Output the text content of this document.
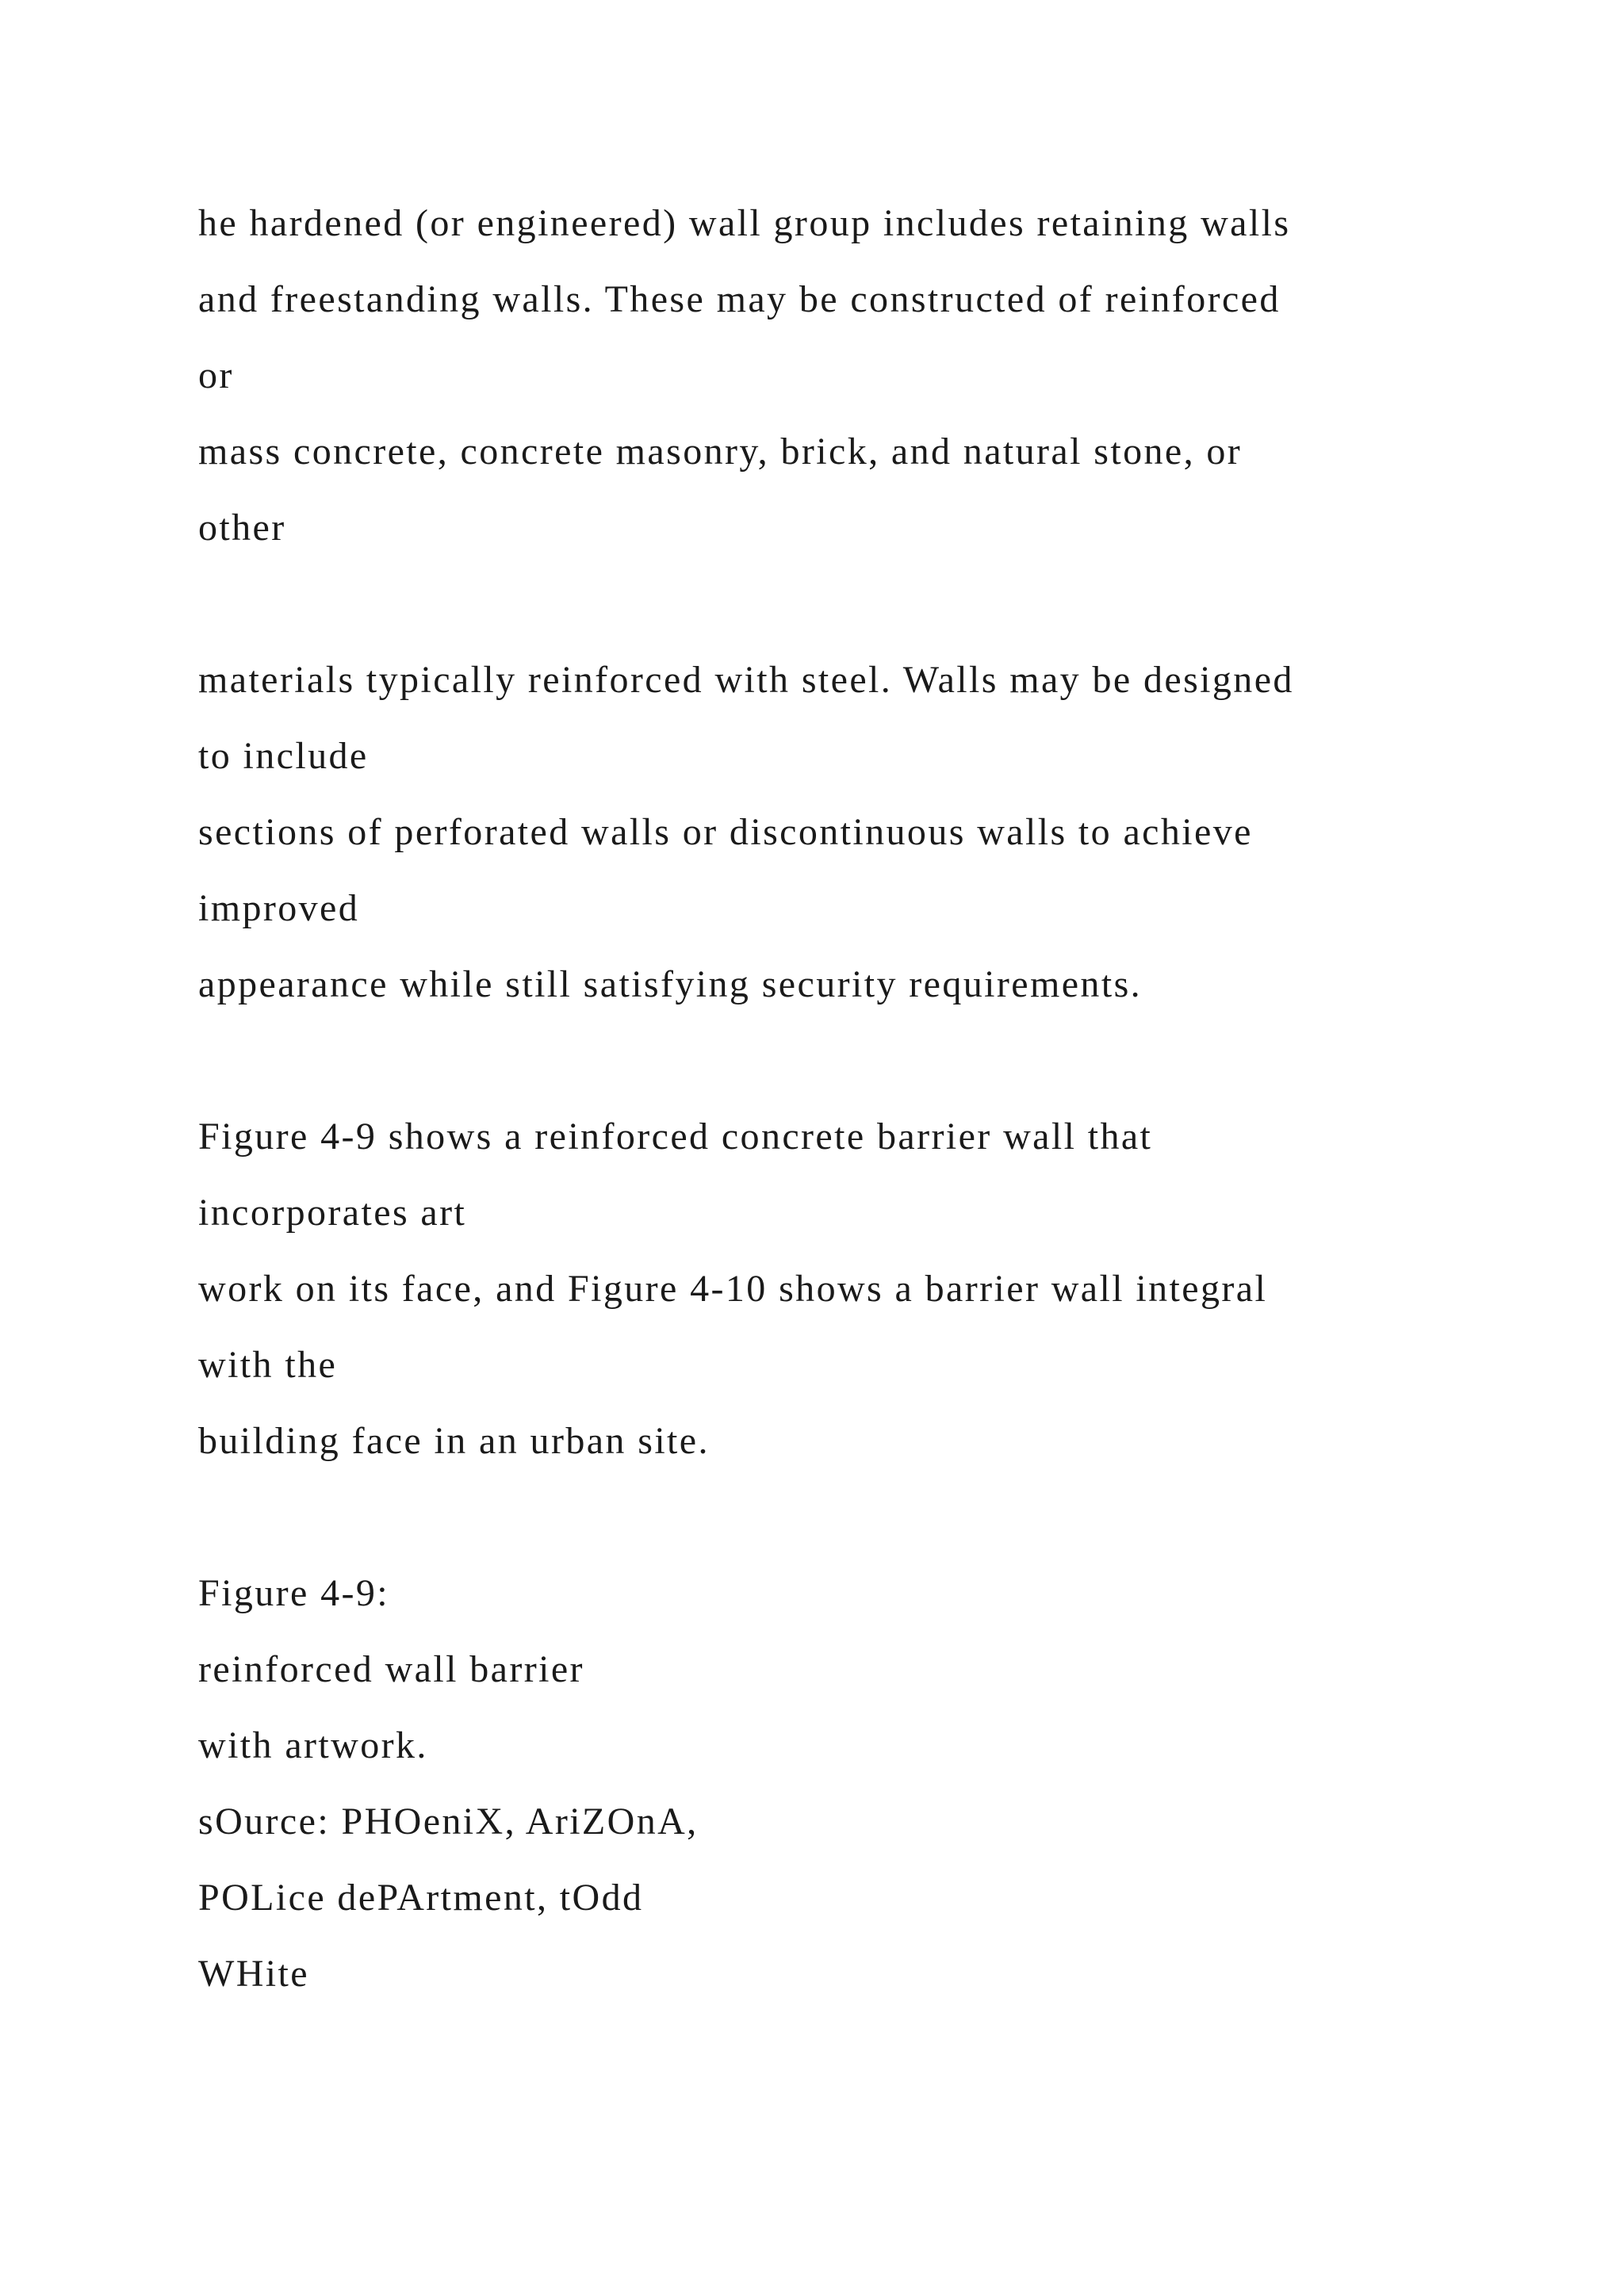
he hardened (or engineered) wall group includes retaining walls
and freestanding walls. These may be constructed of reinforced
or
mass concrete, concrete masonry, brick, and natural stone, or
other
materials typically reinforced with steel. Walls may be designed
to include
sections of perforated walls or discontinuous walls to achieve
improved
appearance while still satisfying security requirements.
Figure 4-9 shows a reinforced concrete barrier wall that
incorporates art
work on its face, and Figure 4-10 shows a barrier wall integral
with the
building face in an urban site.
Figure 4-9:
reinforced wall barrier
with artwork.
sOurce: PHOeniX, AriZOnA,
POLice dePArtment, tOdd
WHite
